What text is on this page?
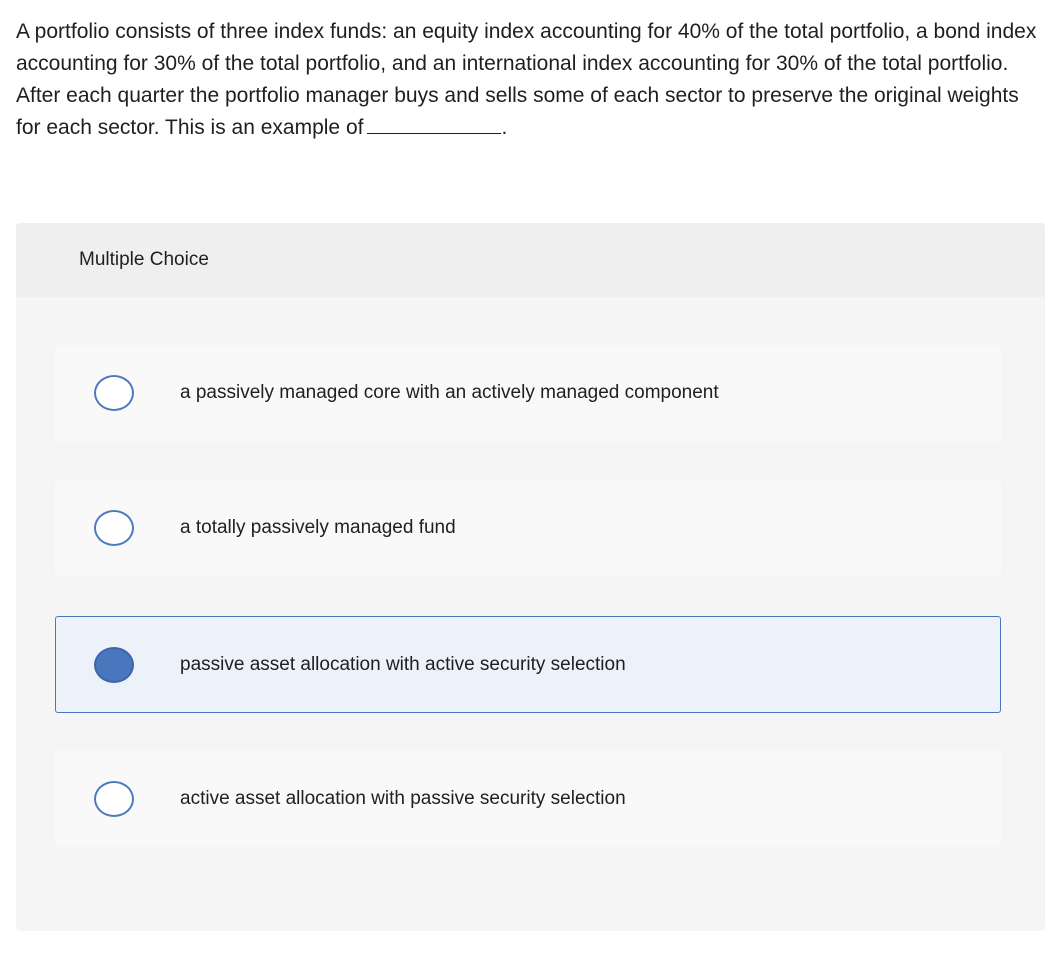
A portfolio consists of three index funds: an equity index accounting for 40% of the total portfolio, a bond index accounting for 30% of the total portfolio, and an international index accounting for 30% of the total portfolio. After each quarter the portfolio manager buys and sells some of each sector to preserve the original weights for each sector. This is an example of	.
Multiple Choice
a passively managed core with an actively managed component
a totally passively managed fund
passive asset allocation with active security selection
active asset allocation with passive security selection
